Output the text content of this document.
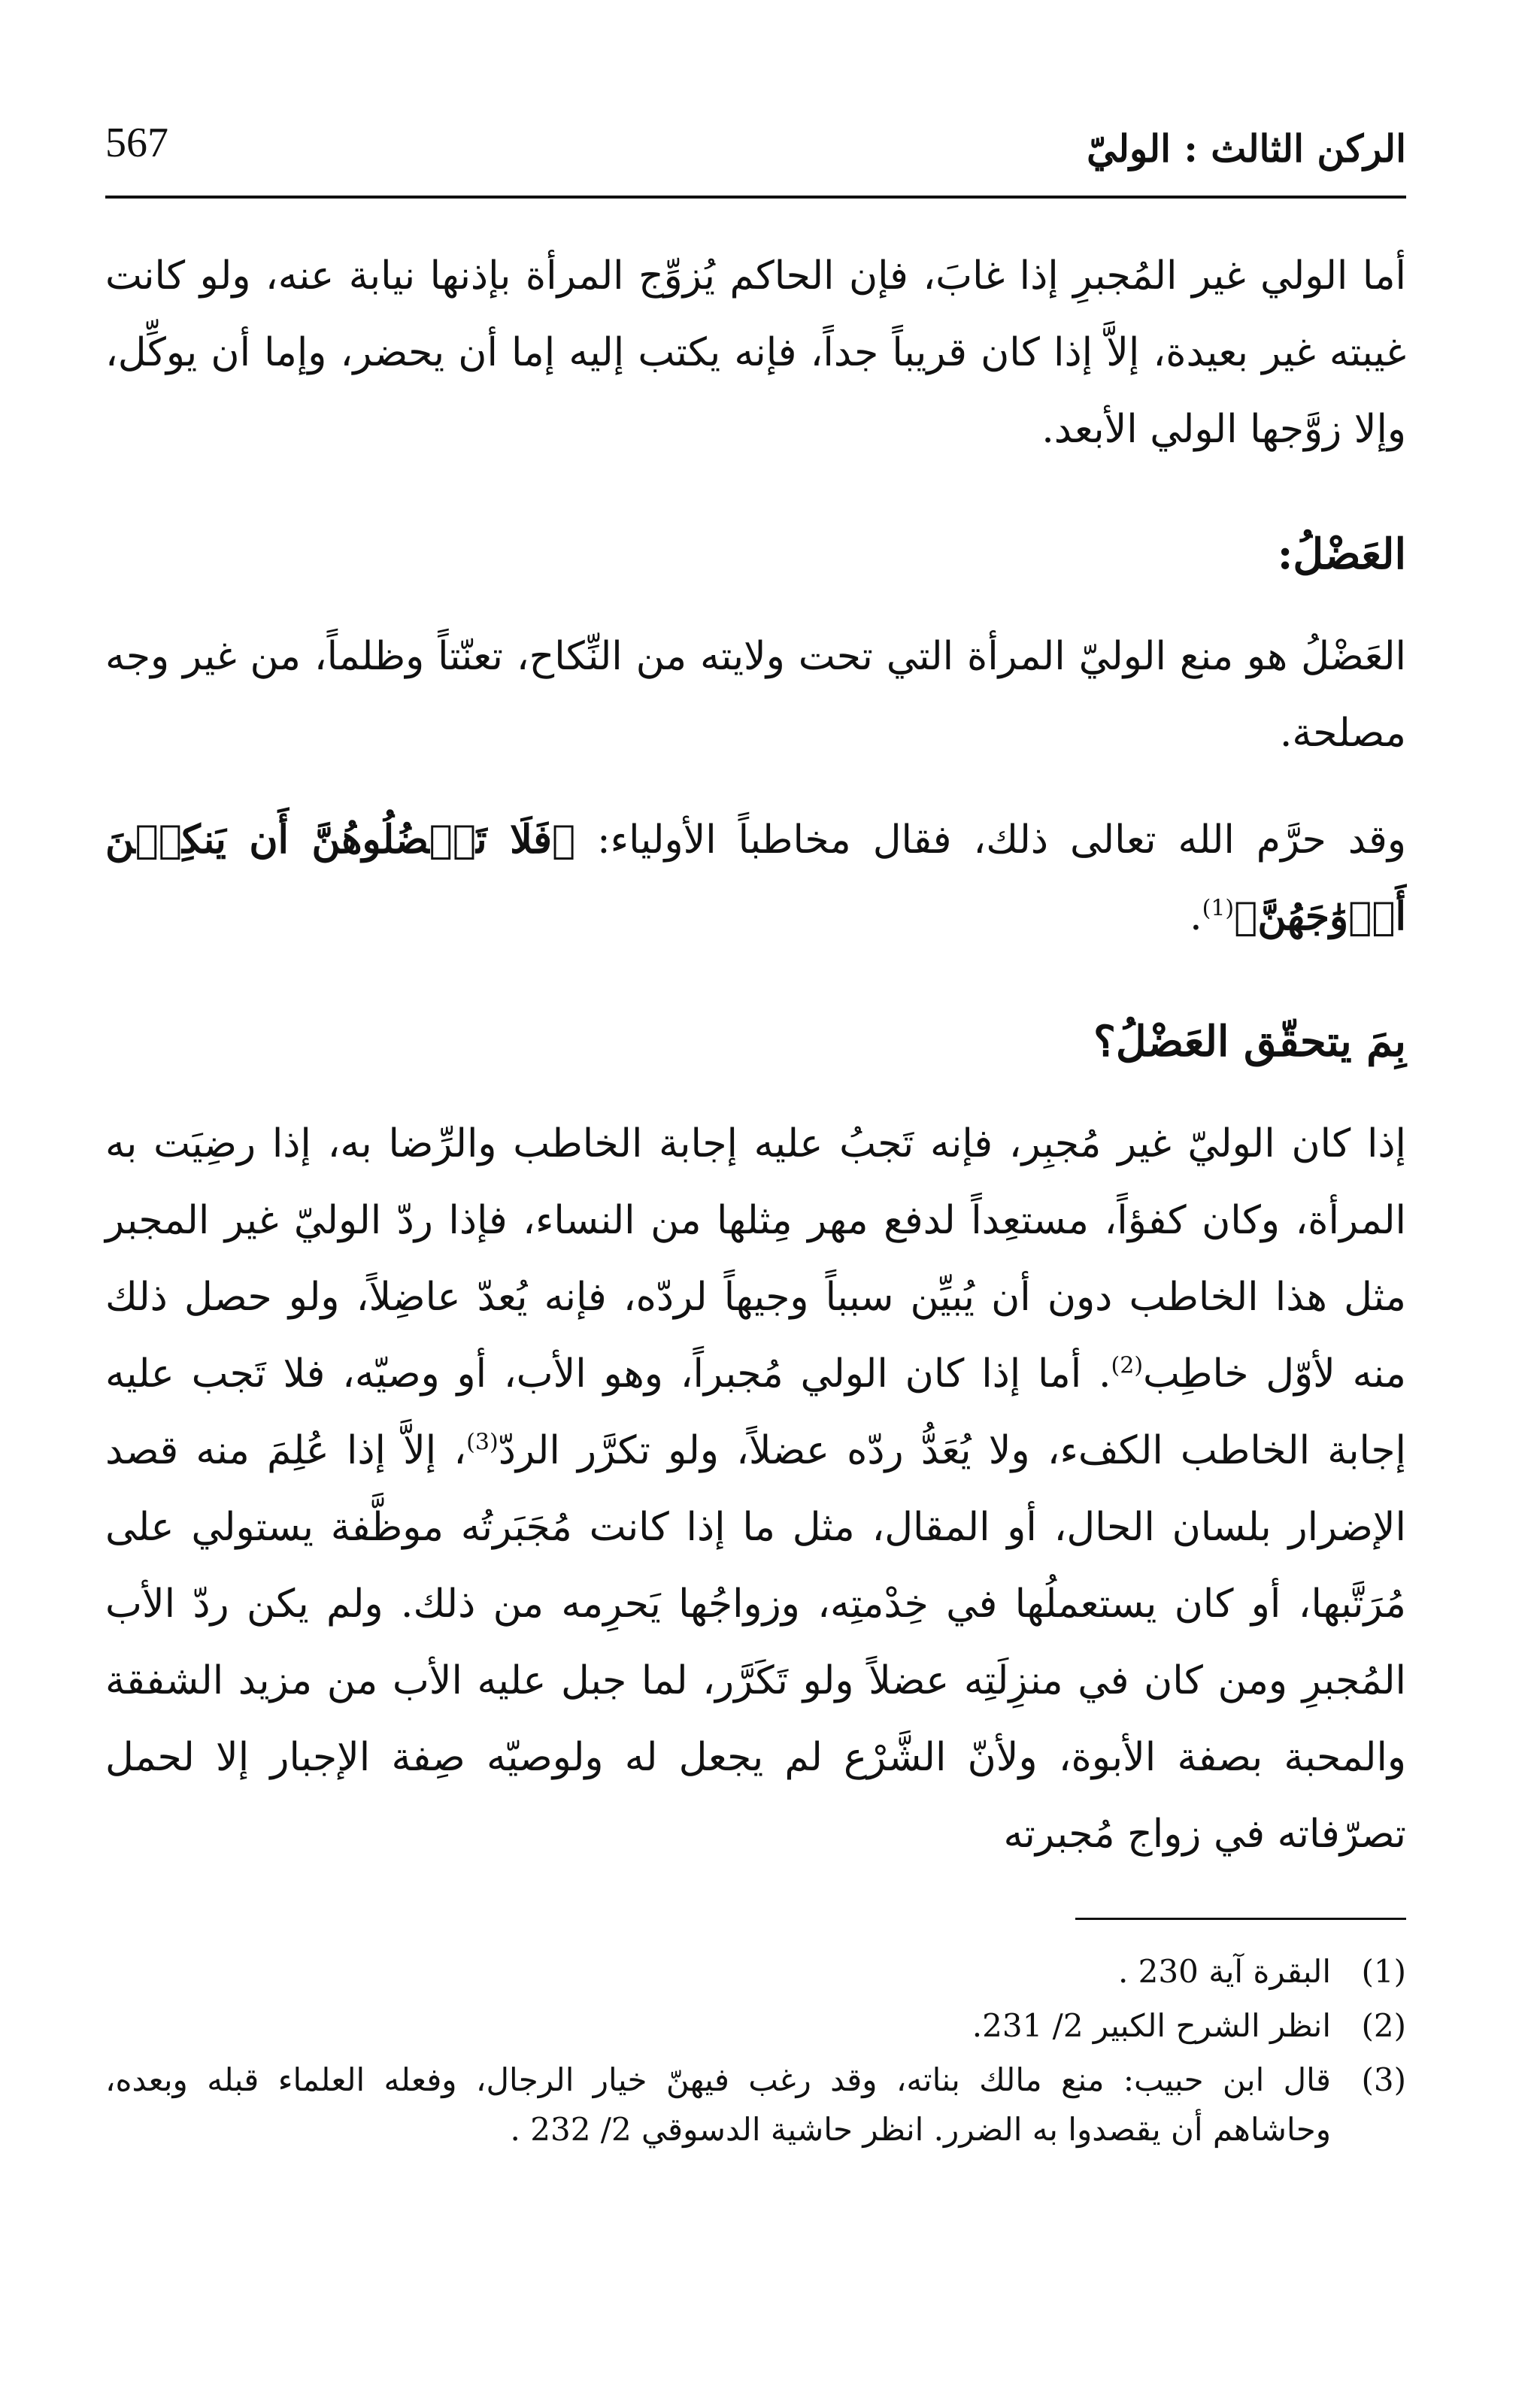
الركن الثالث : الوليّ
567

أما الولي غير المُجبرِ إذا غابَ، فإن الحاكم يُزوِّج المرأة بإذنها نيابة عنه، ولو كانت غيبته غير بعيدة، إلاَّ إذا كان قريباً جداً، فإنه يكتب إليه إما أن يحضر، وإما أن يوكِّل، وإلا زوَّجها الولي الأبعد.

العَضْلُ:

العَضْلُ هو منع الوليّ المرأة التي تحت ولايته من النِّكاح، تعنّتاً وظلماً، من غير وجه مصلحة.

وقد حرَّم الله تعالى ذلك، فقال مخاطباً الأولياء: ﴿فَلَا تَعۡضُلُوهُنَّ أَن يَنكِحۡنَ أَزۡوَٰجَهُنَّ﴾$^{(1)}$.

بِمَ يتحقّق العَضْلُ؟

إذا كان الوليّ غير مُجبِر، فإنه تَجبُ عليه إجابة الخاطب والرِّضا به، إذا رضِيَت به المرأة، وكان كفؤاً، مستعِداً لدفع مهر مِثلها من النساء، فإذا ردّ الوليّ غير المجبر مثل هذا الخاطب دون أن يُبيِّن سبباً وجيهاً لردّه، فإنه يُعدّ عاضِلاً، ولو حصل ذلك منه لأوّل خاطِب$^{(2)}$. أما إذا كان الولي مُجبراً، وهو الأب، أو وصيّه، فلا تَجب عليه إجابة الخاطب الكفء، ولا يُعَدُّ ردّه عضلاً، ولو تكرَّر الردّ$^{(3)}$، إلاَّ إذا عُلِمَ منه قصد الإضرار بلسان الحال، أو المقال، مثل ما إذا كانت مُجَبَرتُه موظَّفة يستولي على مُرَتَّبها، أو كان يستعملُها في خِدْمتِه، وزواجُها يَحرِمه من ذلك. ولم يكن ردّ الأب المُجبرِ ومن كان في منزِلَتِه عضلاً ولو تَكَرَّر، لما جبل عليه الأب من مزيد الشفقة والمحبة بصفة الأبوة، ولأنّ الشَّرْع لم يجعل له ولوصيّه صِفة الإجبار إلا لحمل تصرّفاته في زواج مُجبرته

(1)
البقرة آية 230 .
(2)
انظر الشرح الكبير 2/ 231.
(3)
قال ابن حبيب: منع مالك بناته، وقد رغب فيهنّ خيار الرجال، وفعله العلماء قبله وبعده، وحاشاهم أن يقصدوا به الضرر. انظر حاشية الدسوقي 2/ 232 .
